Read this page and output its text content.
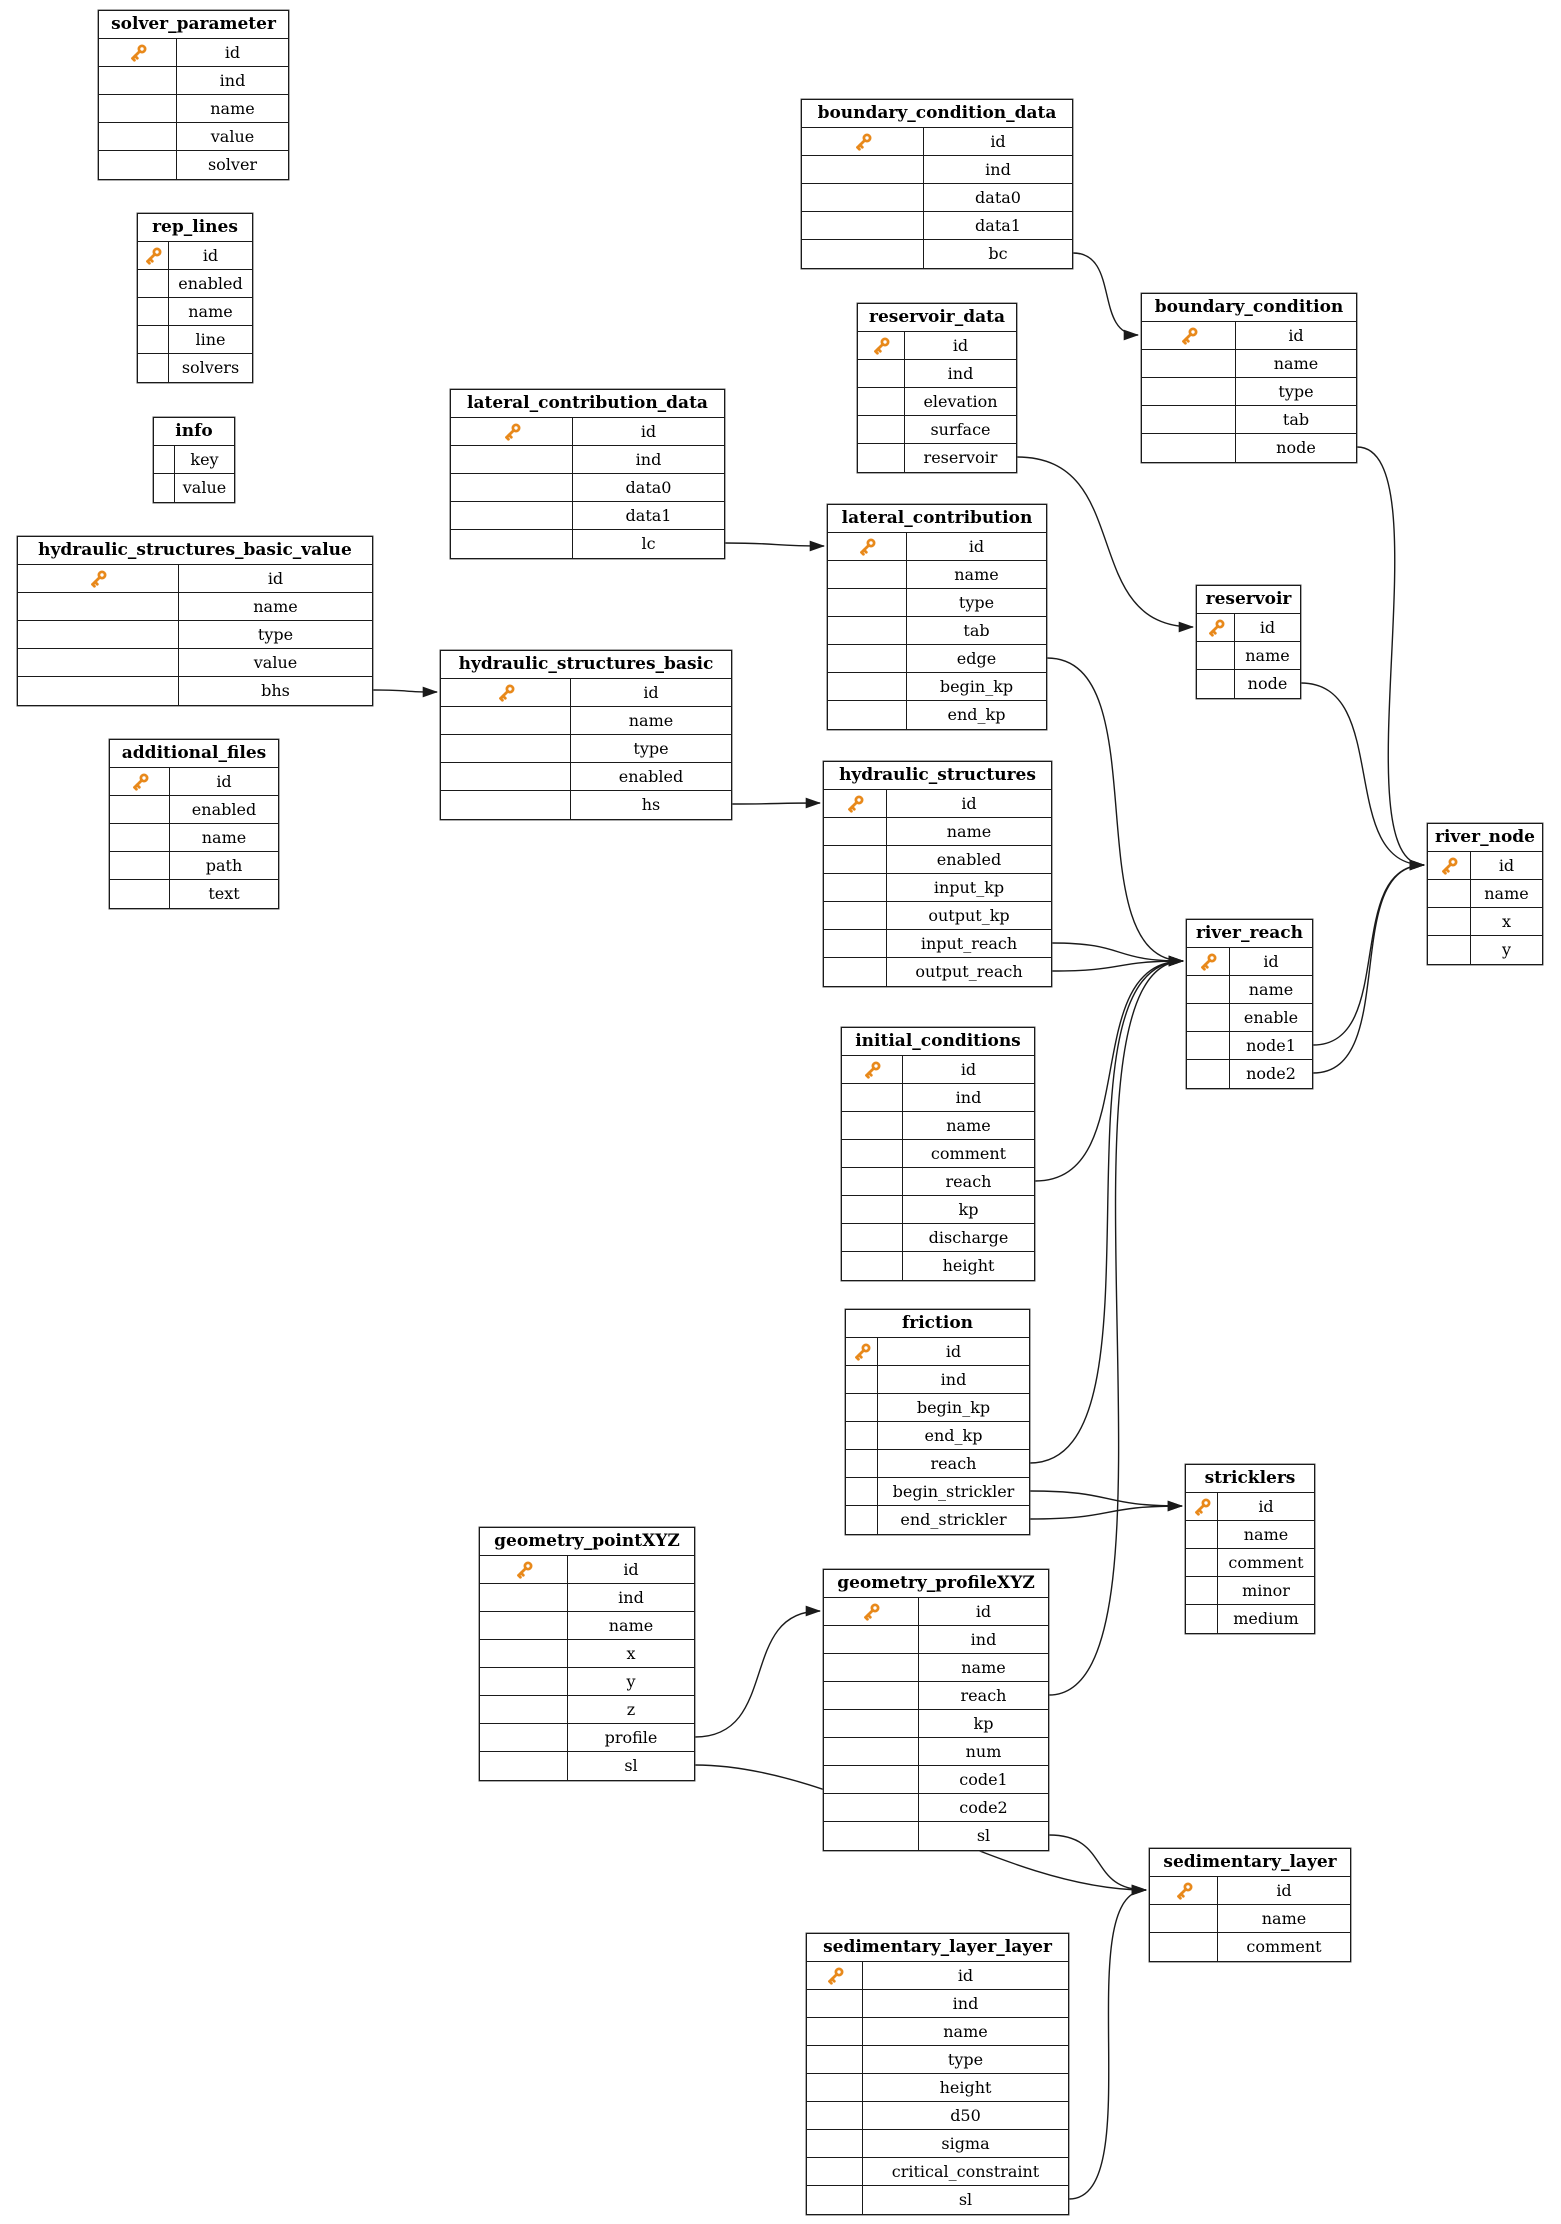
solver_parameter
id
ind
name
value
solver
rep_lines
id
enabled
name
line
solvers
info
key
value
hydraulic_structures_basic_value
id
name
type
value
bhs
additional_files
id
enabled
name
path
text
lateral_contribution_data
id
ind
data0
data1
lc
hydraulic_structures_basic
id
name
type
enabled
hs
boundary_condition_data
id
ind
data0
data1
bc
reservoir_data
id
ind
elevation
surface
reservoir
lateral_contribution
id
name
type
tab
edge
begin_kp
end_kp
hydraulic_structures
id
name
enabled
input_kp
output_kp
input_reach
output_reach
initial_conditions
id
ind
name
comment
reach
kp
discharge
height
friction
id
ind
begin_kp
end_kp
reach
begin_strickler
end_strickler
geometry_pointXYZ
id
ind
name
x
y
z
profile
sl
geometry_profileXYZ
id
ind
name
reach
kp
num
code1
code2
sl
boundary_condition
id
name
type
tab
node
reservoir
id
name
node
river_reach
id
name
enable
node1
node2
river_node
id
name
x
y
stricklers
id
name
comment
minor
medium
sedimentary_layer
id
name
comment
sedimentary_layer_layer
id
ind
name
type
height
d50
sigma
critical_constraint
sl
